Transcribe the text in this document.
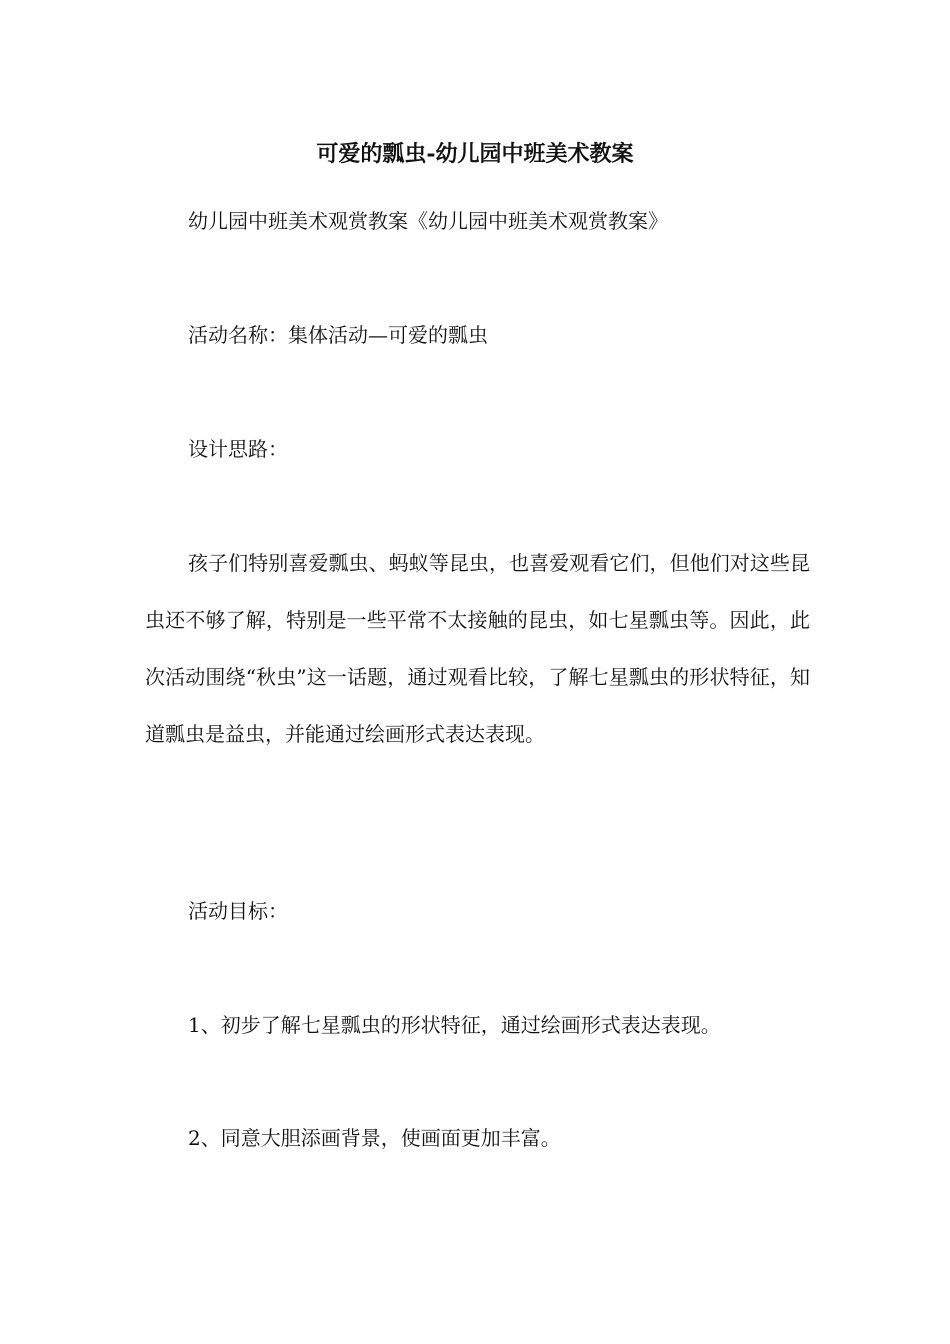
可爱的瓢虫-幼儿园中班美术教案

幼儿园中班美术观赏教案《幼儿园中班美术观赏教案》

活动名称：集体活动—可爱的瓢虫

设计思路：

孩子们特别喜爱瓢虫、蚂蚁等昆虫，也喜爱观看它们，但他们对这些昆虫还不够了解，特别是一些平常不太接触的昆虫，如七星瓢虫等。因此，此次活动围绕“秋虫”这一话题，通过观看比较，了解七星瓢虫的形状特征，知道瓢虫是益虫，并能通过绘画形式表达表现。

活动目标：

1、初步了解七星瓢虫的形状特征，通过绘画形式表达表现。

2、同意大胆添画背景，使画面更加丰富。
